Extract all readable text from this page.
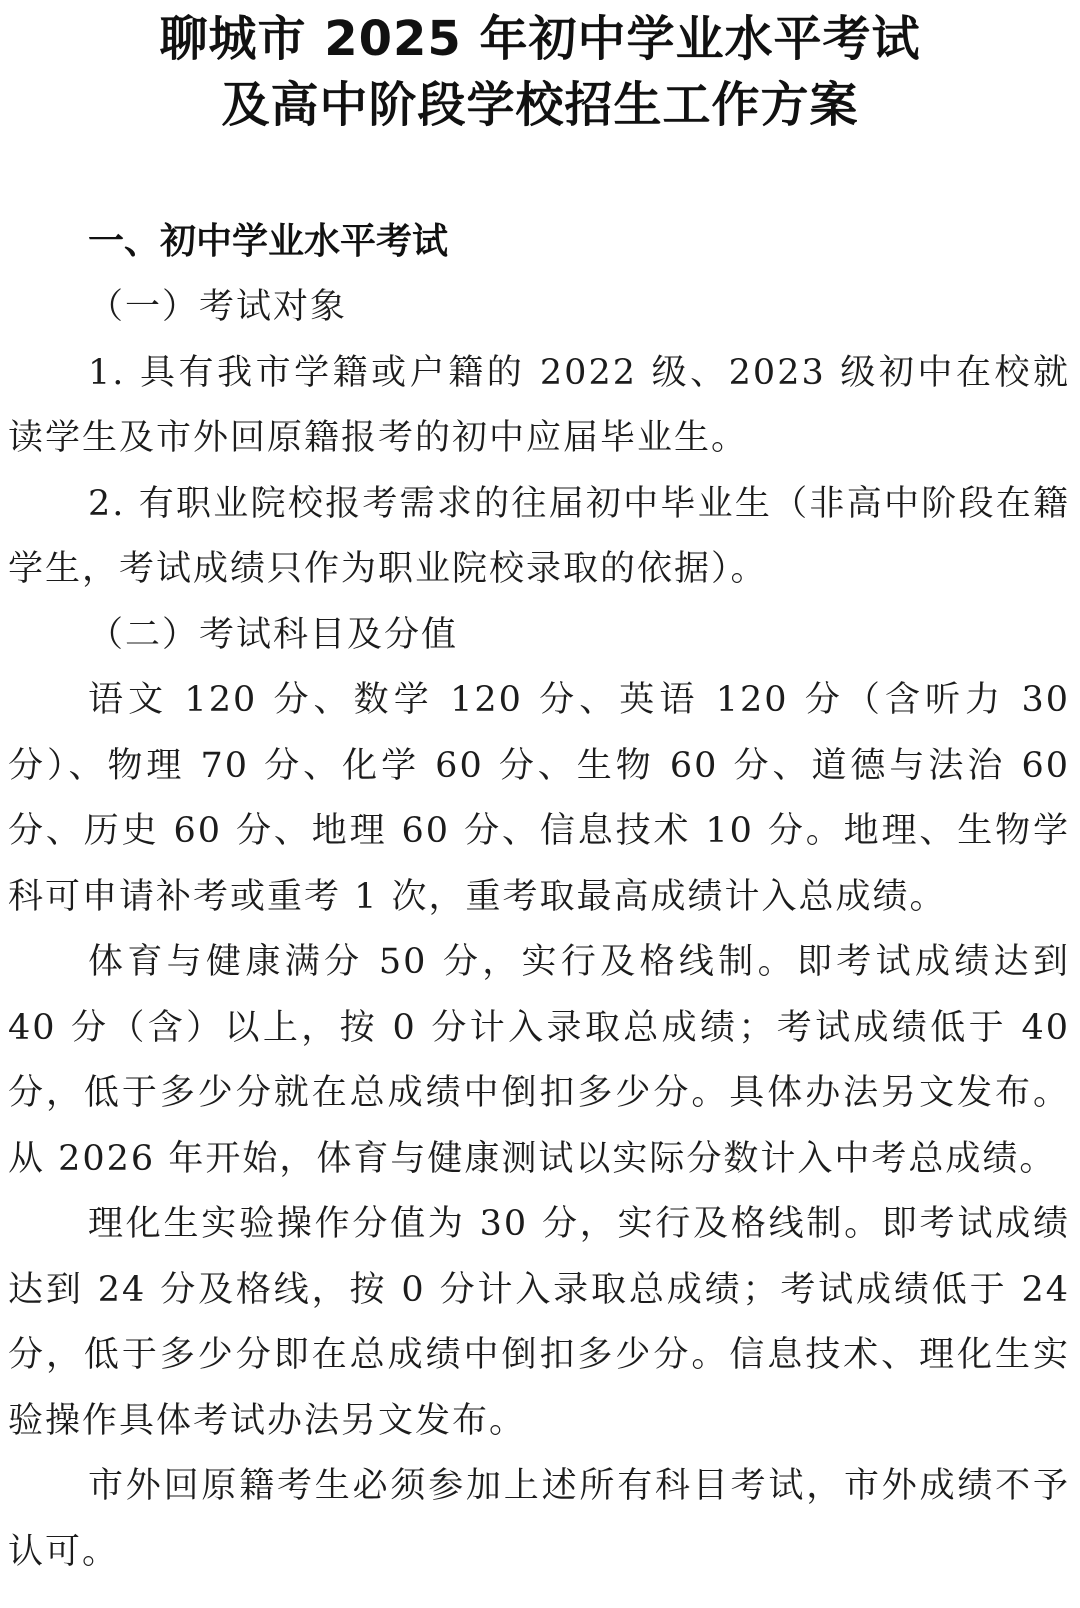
聊城市 2025 年初中学业水平考试
及高中阶段学校招生工作方案
一、初中学业水平考试

（一）考试对象

1. 具有我市学籍或户籍的 2022 级、2023 级初中在校就读学生及市外回原籍报考的初中应届毕业生。

2. 有职业院校报考需求的往届初中毕业生（非高中阶段在籍学生，考试成绩只作为职业院校录取的依据）。

（二）考试科目及分值

语文 120 分、数学 120 分、英语 120 分（含听力 30 分）、物理 70 分、化学 60 分、生物 60 分、道德与法治 60 分、历史 60 分、地理 60 分、信息技术 10 分。地理、生物学科可申请补考或重考 1 次，重考取最高成绩计入总成绩。

体育与健康满分 50 分，实行及格线制。即考试成绩达到 40 分（含）以上，按 0 分计入录取总成绩；考试成绩低于 40 分，低于多少分就在总成绩中倒扣多少分。具体办法另文发布。从 2026 年开始，体育与健康测试以实际分数计入中考总成绩。

理化生实验操作分值为 30 分，实行及格线制。即考试成绩达到 24 分及格线，按 0 分计入录取总成绩；考试成绩低于 24 分，低于多少分即在总成绩中倒扣多少分。信息技术、理化生实验操作具体考试办法另文发布。

市外回原籍考生必须参加上述所有科目考试，市外成绩不予认可。
